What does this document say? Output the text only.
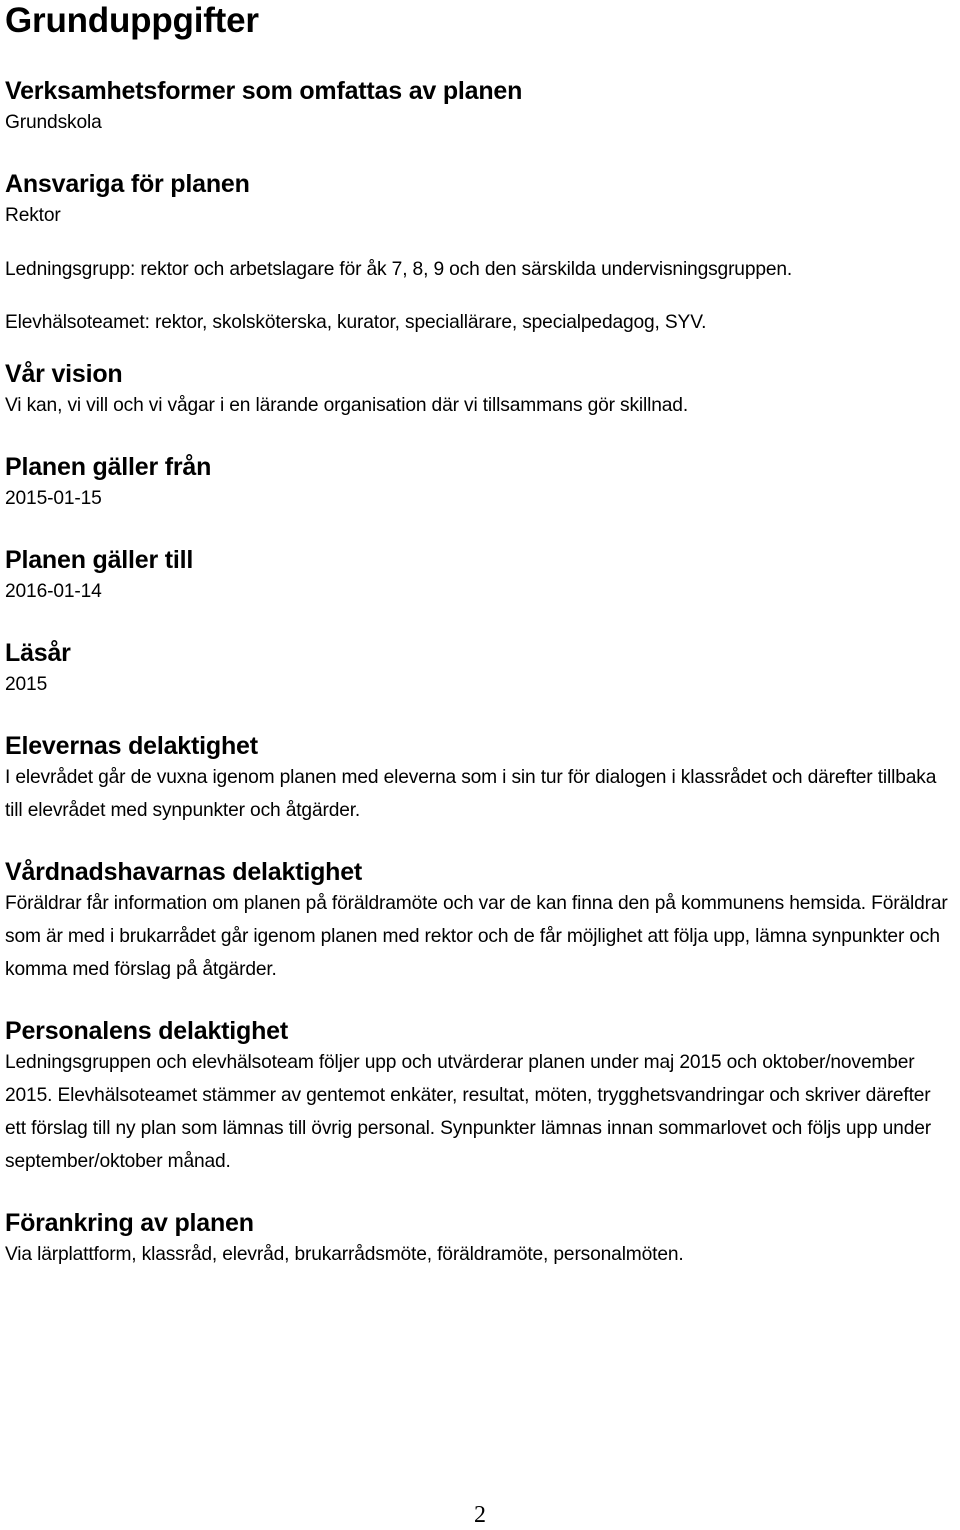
Grunduppgifter
Verksamhetsformer som omfattas av planen

Grundskola

Ansvariga för planen

Rektor

Ledningsgrupp: rektor och arbetslagare för åk 7, 8, 9 och den särskilda undervisningsgruppen.

Elevhälsoteamet: rektor, skolsköterska, kurator, speciallärare, specialpedagog, SYV.

Vår vision

Vi kan, vi vill och vi vågar i en lärande organisation där vi tillsammans gör skillnad.

Planen gäller från

2015-01-15

Planen gäller till

2016-01-14

Läsår

2015

Elevernas delaktighet

I elevrådet går de vuxna igenom planen med eleverna som i sin tur för dialogen i klassrådet och därefter tillbaka till elevrådet med synpunkter och åtgärder.

Vårdnadshavarnas delaktighet

Föräldrar får information om planen på föräldramöte och var de kan finna den på kommunens hemsida. Föräldrar som är med i brukarrådet går igenom planen med rektor och de får möjlighet att följa upp, lämna synpunkter och komma med förslag på åtgärder.

Personalens delaktighet

Ledningsgruppen och elevhälsoteam följer upp och utvärderar planen under maj 2015 och oktober/november 2015. Elevhälsoteamet stämmer av gentemot enkäter, resultat, möten, trygghetsvandringar och skriver därefter ett förslag till ny plan som lämnas till övrig personal. Synpunkter lämnas innan sommarlovet och följs upp under september/oktober månad.

Förankring av planen

Via lärplattform, klassråd, elevråd, brukarrådsmöte, föräldramöte, personalmöten.

2
